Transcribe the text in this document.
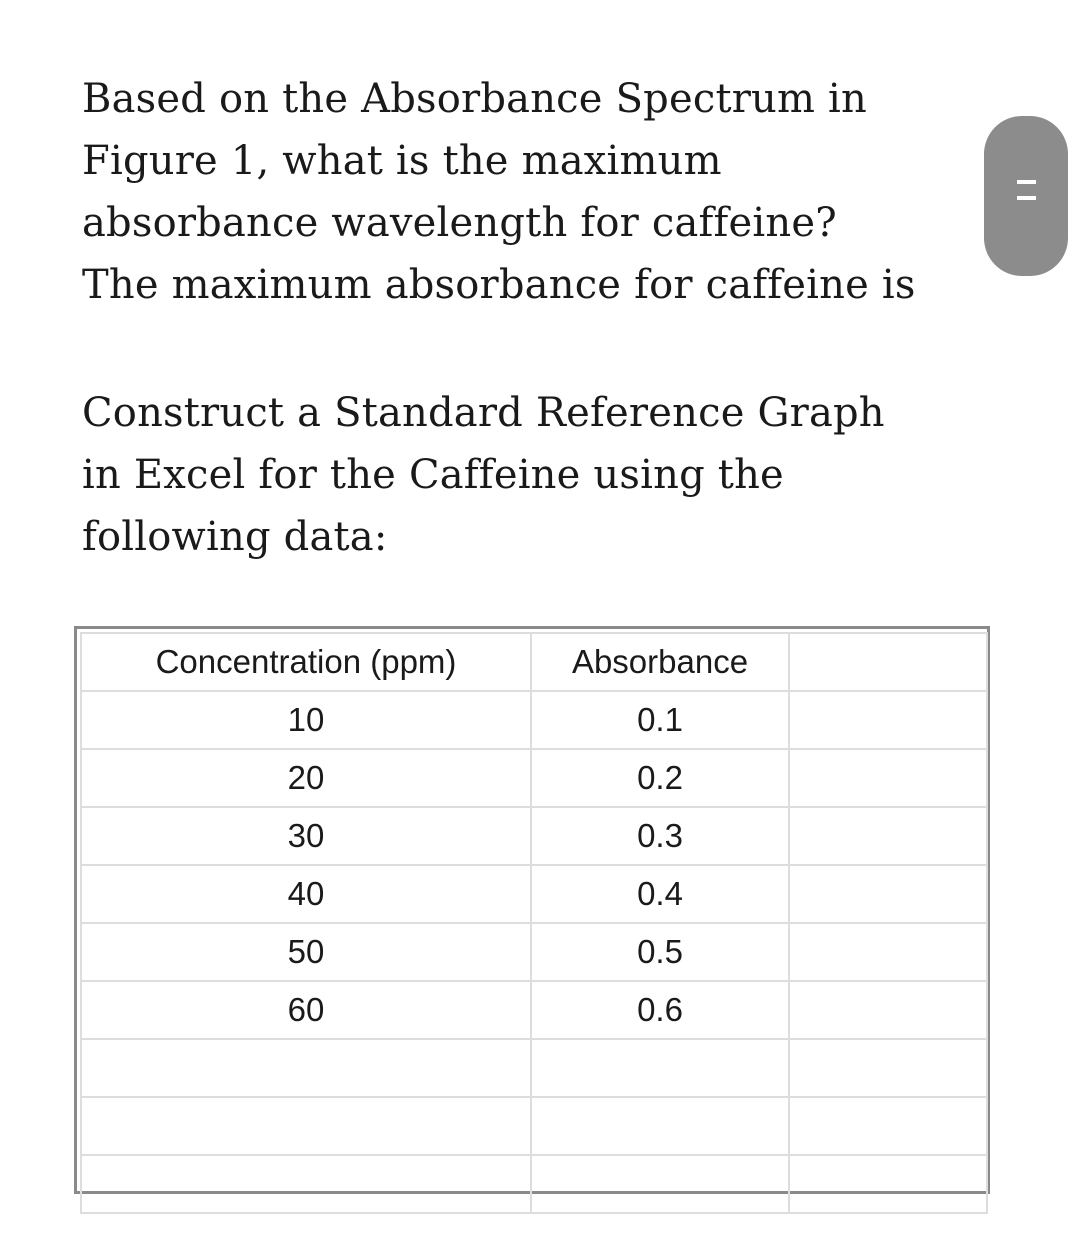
Based on the Absorbance Spectrum in
Figure 1, what is the maximum
absorbance wavelength for caffeine?
The maximum absorbance for caffeine is
Construct a Standard Reference Graph
in Excel for the Caffeine using the
following data:
Concentration (ppm)	Absorbance	
10	0.1	
20	0.2	
30	0.3	
40	0.4	
50	0.5	
60	0.6	
